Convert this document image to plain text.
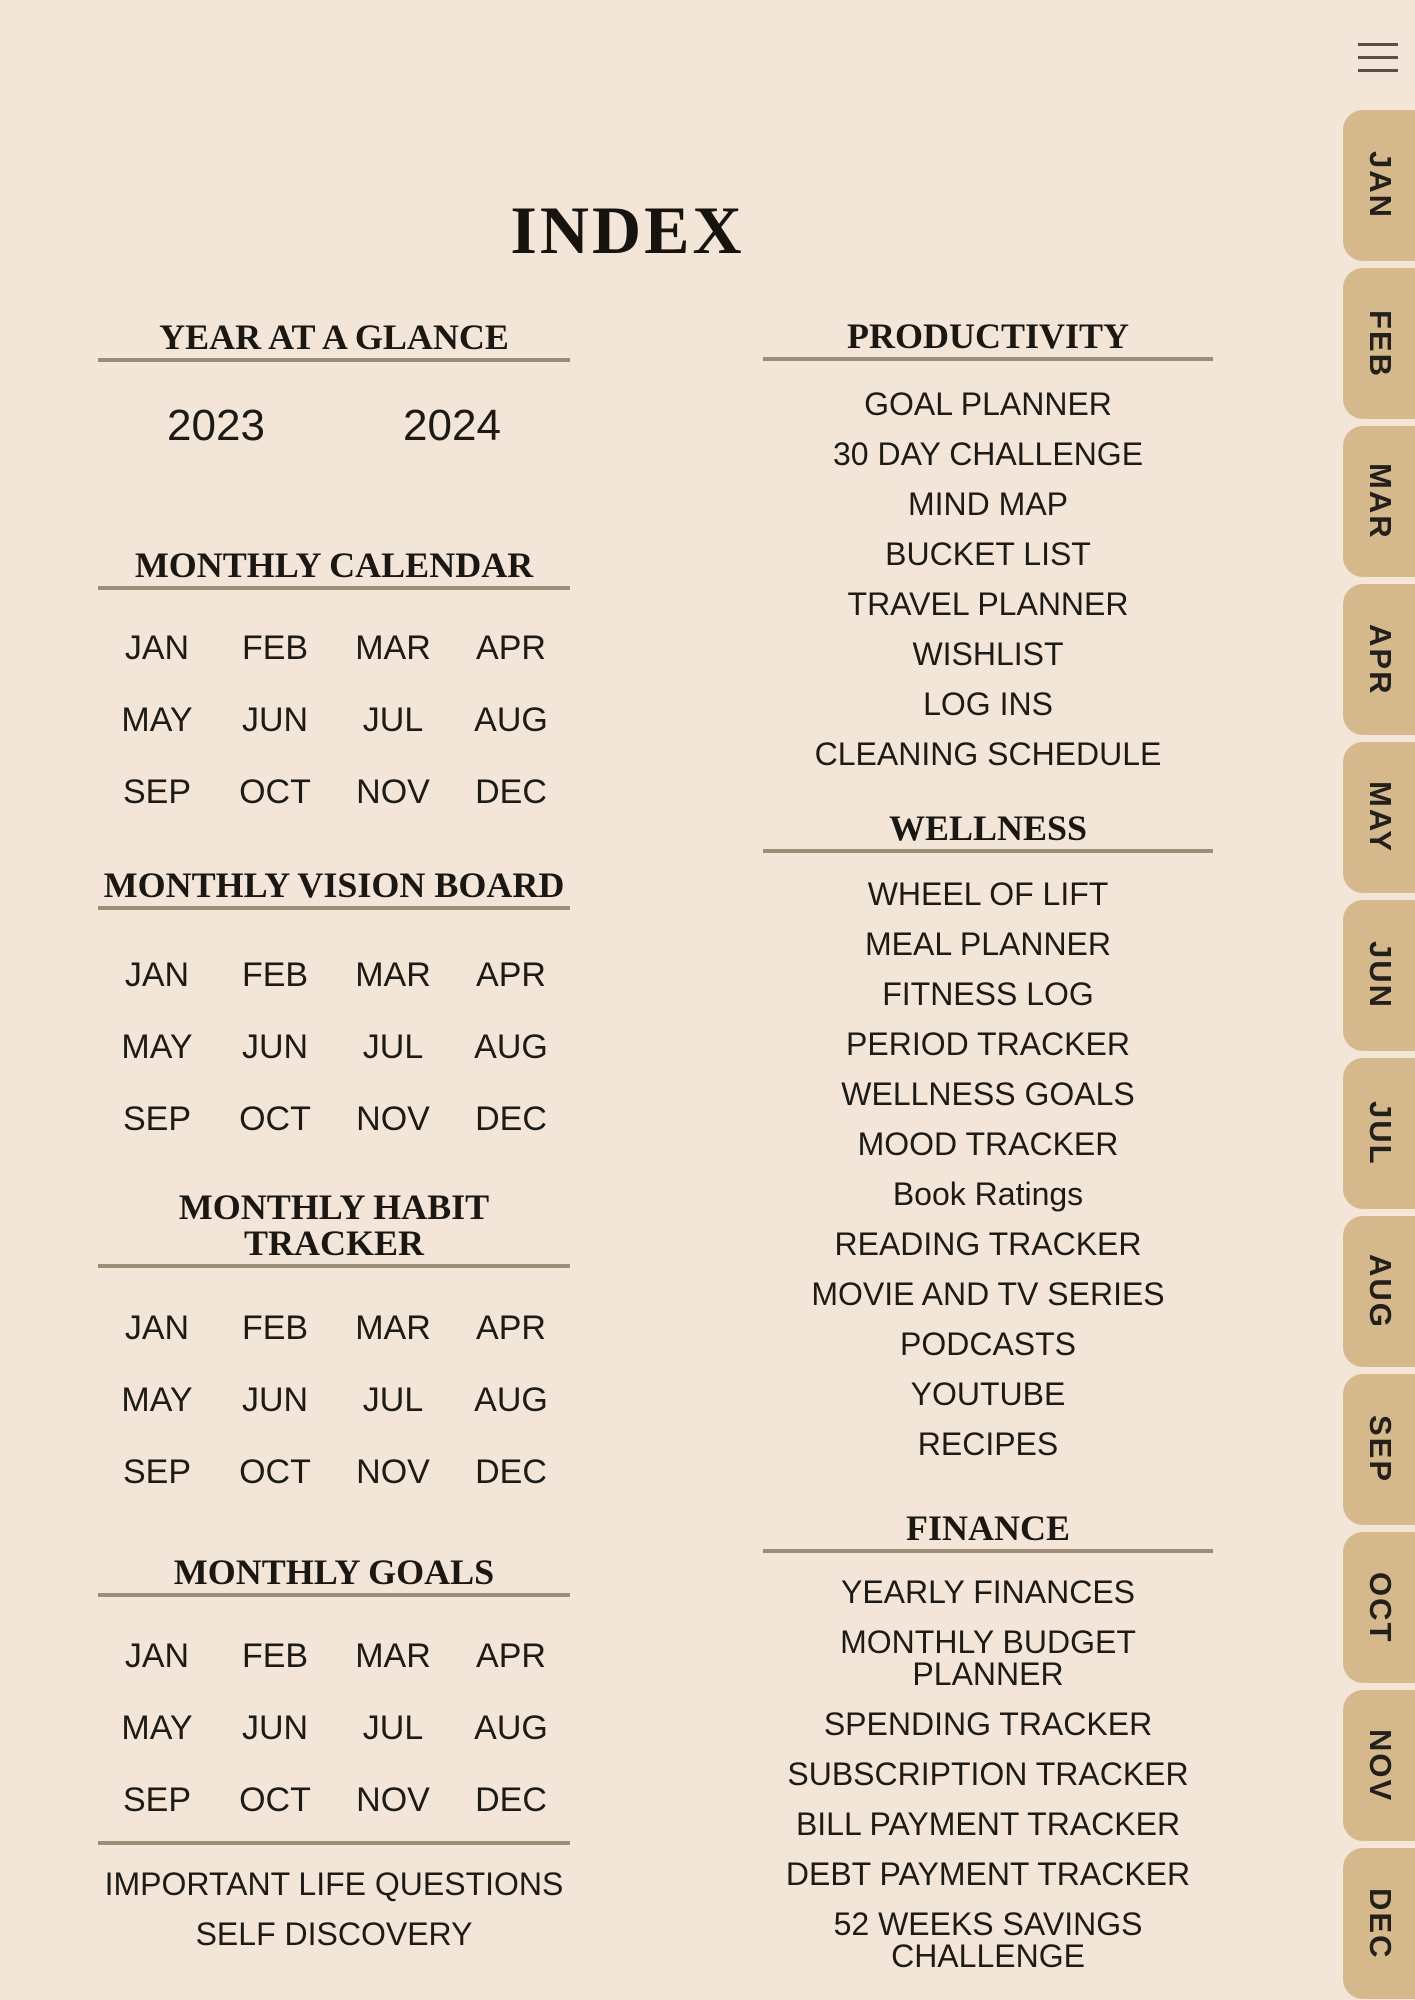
INDEX
YEAR AT A GLANCE
2023	2024
MONTHLY CALENDAR
JAN	FEB	MAR	APR
MAY	JUN	JUL	AUG
SEP	OCT	NOV	DEC
MONTHLY VISION BOARD
JAN	FEB	MAR	APR
MAY	JUN	JUL	AUG
SEP	OCT	NOV	DEC
MONTHLY HABIT TRACKER
JAN	FEB	MAR	APR
MAY	JUN	JUL	AUG
SEP	OCT	NOV	DEC
MONTHLY GOALS
JAN	FEB	MAR	APR
MAY	JUN	JUL	AUG
SEP	OCT	NOV	DEC
IMPORTANT LIFE QUESTIONS
SELF DISCOVERY
PRODUCTIVITY
GOAL PLANNER
30 DAY CHALLENGE
MIND MAP
BUCKET LIST
TRAVEL PLANNER
WISHLIST
LOG INS
CLEANING SCHEDULE
WELLNESS
WHEEL OF LIFT
MEAL PLANNER
FITNESS LOG
PERIOD TRACKER
WELLNESS GOALS
MOOD TRACKER
Book Ratings
READING TRACKER
MOVIE AND TV SERIES
PODCASTS
YOUTUBE
RECIPES
FINANCE
YEARLY FINANCES
MONTHLY BUDGET PLANNER
SPENDING TRACKER
SUBSCRIPTION TRACKER
BILL PAYMENT TRACKER
DEBT PAYMENT TRACKER
52 WEEKS SAVINGS CHALLENGE
JAN
FEB
MAR
APR
MAY
JUN
JUL
AUG
SEP
OCT
NOV
DEC
